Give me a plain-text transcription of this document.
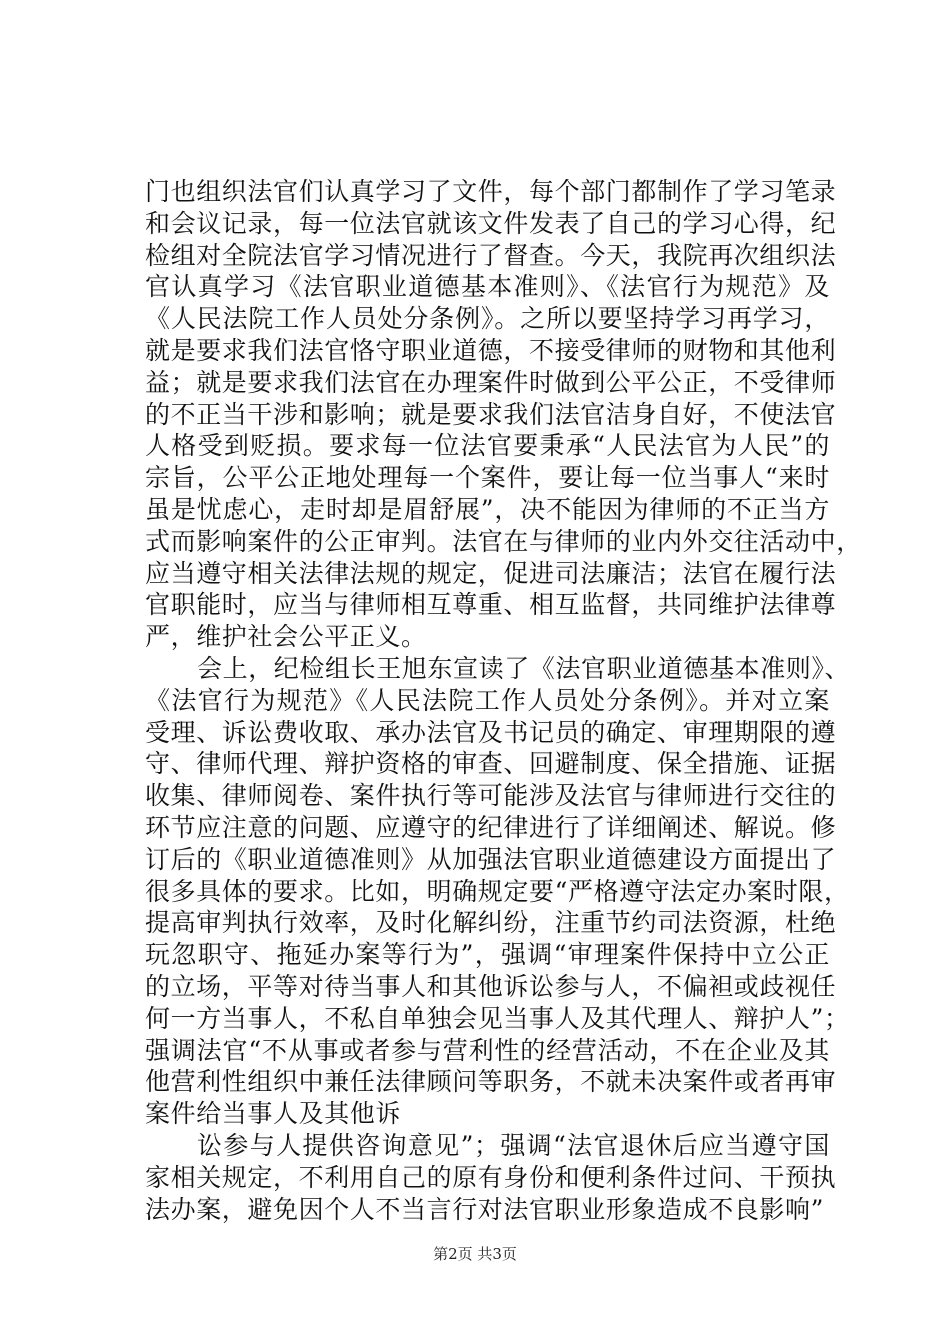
门也组织法官们认真学习了文件，每个部门都制作了学习笔录
和会议记录，每一位法官就该文件发表了自己的学习心得，纪
检组对全院法官学习情况进行了督查。今天，我院再次组织法
官认真学习《法官职业道德基本准则》、《法官行为规范》及
《人民法院工作人员处分条例》。之所以要坚持学习再学习，
就是要求我们法官恪守职业道德，不接受律师的财物和其他利
益；就是要求我们法官在办理案件时做到公平公正，不受律师
的不正当干涉和影响；就是要求我们法官洁身自好，不使法官
人格受到贬损。要求每一位法官要秉承“人民法官为人民”的
宗旨，公平公正地处理每一个案件，要让每一位当事人“来时
虽是忧虑心，走时却是眉舒展”，决不能因为律师的不正当方
式而影响案件的公正审判。法官在与律师的业内外交往活动中，
应当遵守相关法律法规的规定，促进司法廉洁；法官在履行法
官职能时，应当与律师相互尊重、相互监督，共同维护法律尊
严，维护社会公平正义。
会上，纪检组长王旭东宣读了《法官职业道德基本准则》、
《法官行为规范》《人民法院工作人员处分条例》。并对立案
受理、诉讼费收取、承办法官及书记员的确定、审理期限的遵
守、律师代理、辩护资格的审查、回避制度、保全措施、证据
收集、律师阅卷、案件执行等可能涉及法官与律师进行交往的
环节应注意的问题、应遵守的纪律进行了详细阐述、解说。修
订后的《职业道德准则》从加强法官职业道德建设方面提出了
很多具体的要求。比如，明确规定要“严格遵守法定办案时限，
提高审判执行效率，及时化解纠纷，注重节约司法资源，杜绝
玩忽职守、拖延办案等行为”，强调“审理案件保持中立公正
的立场，平等对待当事人和其他诉讼参与人，不偏袒或歧视任
何一方当事人，不私自单独会见当事人及其代理人、辩护人”；
强调法官“不从事或者参与营利性的经营活动，不在企业及其
他营利性组织中兼任法律顾问等职务，不就未决案件或者再审
案件给当事人及其他诉
讼参与人提供咨询意见”；强调“法官退休后应当遵守国
家相关规定，不利用自己的原有身份和便利条件过问、干预执
法办案，避免因个人不当言行对法官职业形象造成不良影响”
第2页 共3页
